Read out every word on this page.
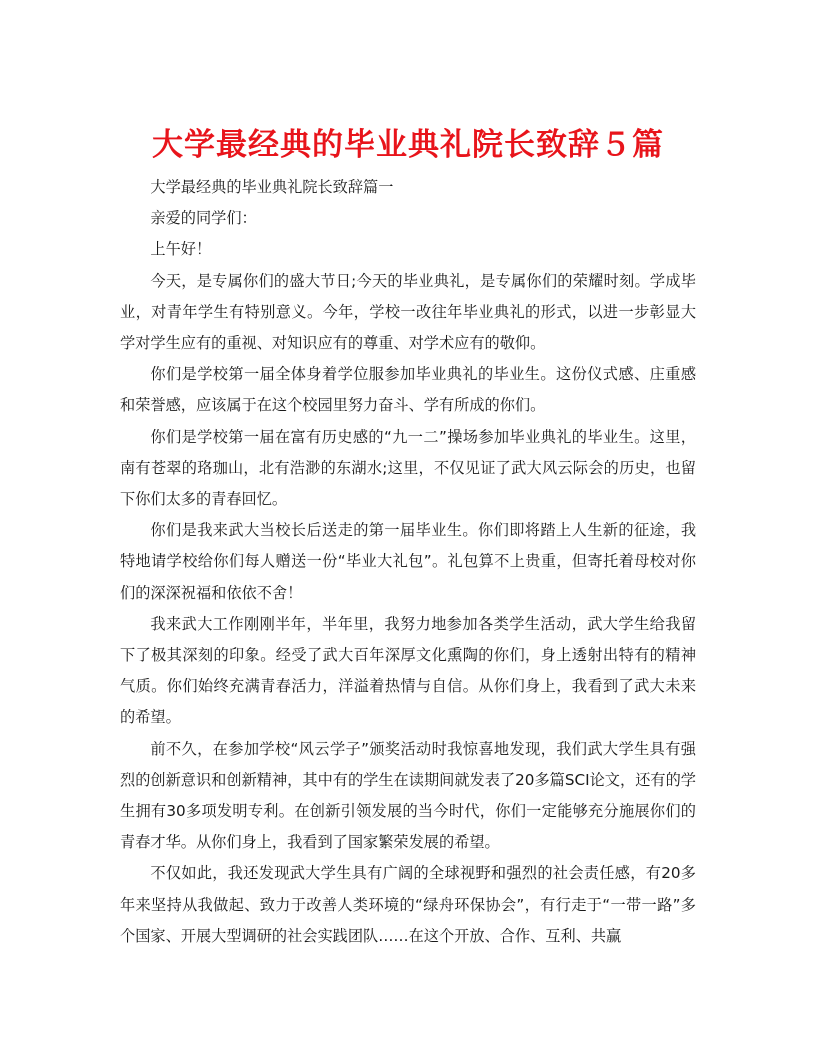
大学最经典的毕业典礼院长致辞５篇

大学最经典的毕业典礼院长致辞篇一

亲爱的同学们：

上午好！

今天，是专属你们的盛大节日;今天的毕业典礼，是专属你们的荣耀时刻。学成毕业，对青年学生有特别意义。今年，学校一改往年毕业典礼的形式，以进一步彰显大学对学生应有的重视、对知识应有的尊重、对学术应有的敬仰。

你们是学校第一届全体身着学位服参加毕业典礼的毕业生。这份仪式感、庄重感和荣誉感，应该属于在这个校园里努力奋斗、学有所成的你们。

你们是学校第一届在富有历史感的“九一二”操场参加毕业典礼的毕业生。这里，南有苍翠的珞珈山，北有浩渺的东湖水;这里，不仅见证了武大风云际会的历史，也留下你们太多的青春回忆。

你们是我来武大当校长后送走的第一届毕业生。你们即将踏上人生新的征途，我特地请学校给你们每人赠送一份“毕业大礼包”。礼包算不上贵重，但寄托着母校对你们的深深祝福和依依不舍！

我来武大工作刚刚半年，半年里，我努力地参加各类学生活动，武大学生给我留下了极其深刻的印象。经受了武大百年深厚文化熏陶的你们，身上透射出特有的精神气质。你们始终充满青春活力，洋溢着热情与自信。从你们身上，我看到了武大未来的希望。

前不久，在参加学校“风云学子”颁奖活动时我惊喜地发现，我们武大学生具有强烈的创新意识和创新精神，其中有的学生在读期间就发表了20多篇SCI论文，还有的学生拥有30多项发明专利。在创新引领发展的当今时代，你们一定能够充分施展你们的青春才华。从你们身上，我看到了国家繁荣发展的希望。

不仅如此，我还发现武大学生具有广阔的全球视野和强烈的社会责任感，有20多年来坚持从我做起、致力于改善人类环境的“绿舟环保协会”，有行走于“一带一路”多个国家、开展大型调研的社会实践团队……在这个开放、合作、互利、共赢
